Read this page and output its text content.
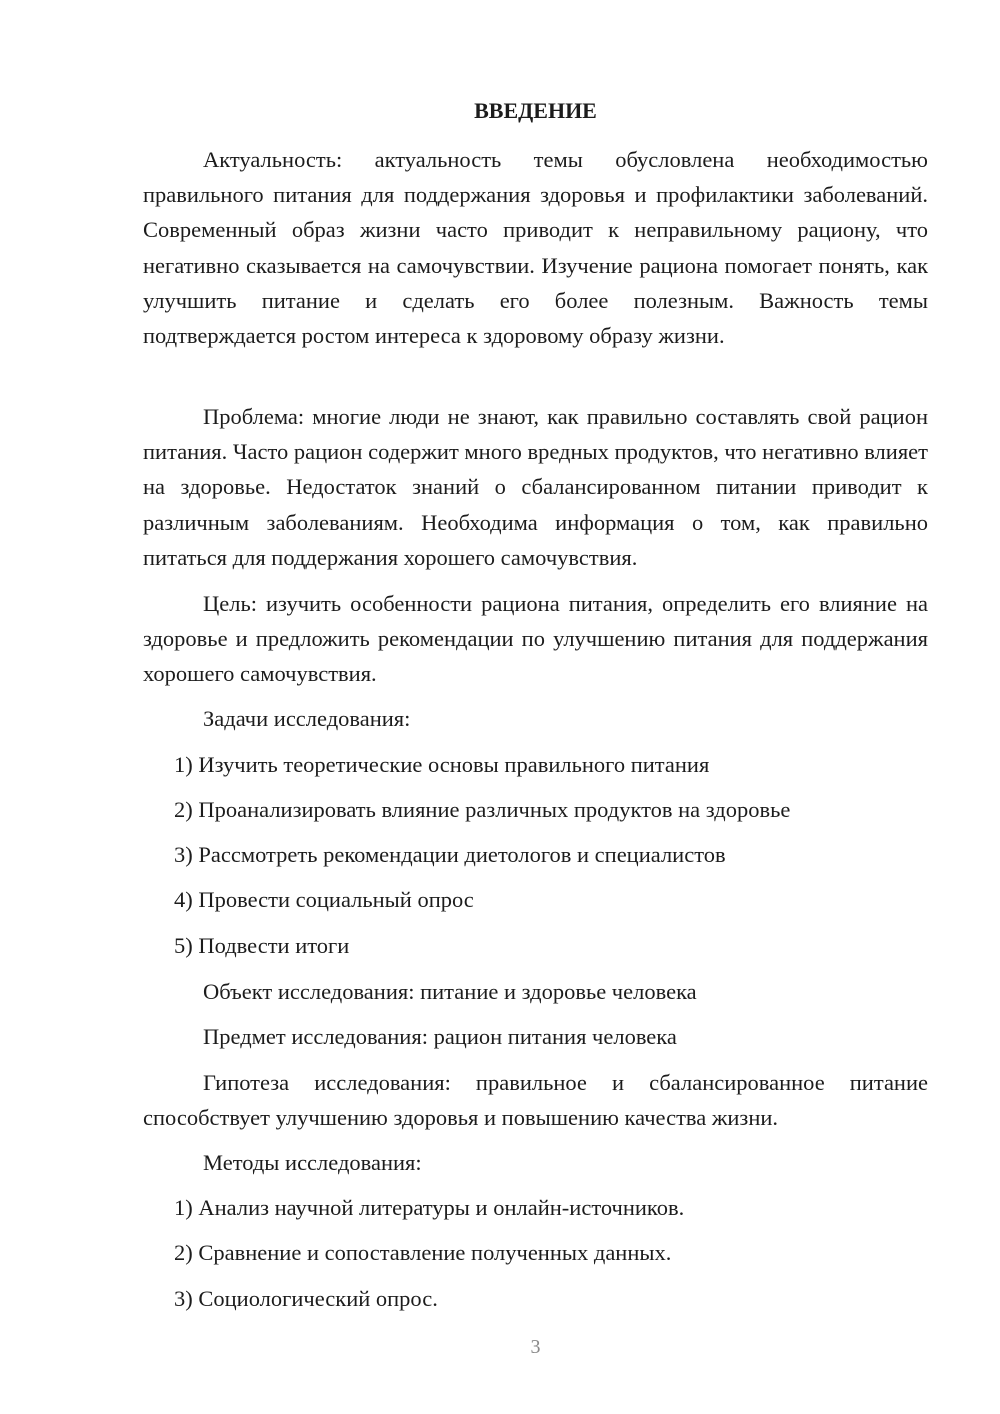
ВВЕДЕНИЕ

Актуальность: актуальность темы обусловлена необходимостью правильного питания для поддержания здоровья и профилактики заболеваний. Современный образ жизни часто приводит к неправильному рациону, что негативно сказывается на самочувствии. Изучение рациона помогает понять, как улучшить питание и сделать его более полезным. Важность темы подтверждается ростом интереса к здоровому образу жизни.

Проблема: многие люди не знают, как правильно составлять свой рацион питания. Часто рацион содержит много вредных продуктов, что негативно влияет на здоровье. Недостаток знаний о сбалансированном питании приводит к различным заболеваниям. Необходима информация о том, как правильно питаться для поддержания хорошего самочувствия.

Цель: изучить особенности рациона питания, определить его влияние на здоровье и предложить рекомендации по улучшению питания для поддержания хорошего самочувствия.

Задачи исследования:
1) Изучить теоретические основы правильного питания
2) Проанализировать влияние различных продуктов на здоровье
3) Рассмотреть рекомендации диетологов и специалистов
4) Провести социальный опрос
5) Подвести итоги
Объект исследования: питание и здоровье человека
Предмет исследования: рацион питания человека

Гипотеза исследования: правильное и сбалансированное питание способствует улучшению здоровья и повышению качества жизни.

Методы исследования:
1) Анализ научной литературы и онлайн-источников.
2) Сравнение и сопоставление полученных данных.
3) Социологический опрос.
3
